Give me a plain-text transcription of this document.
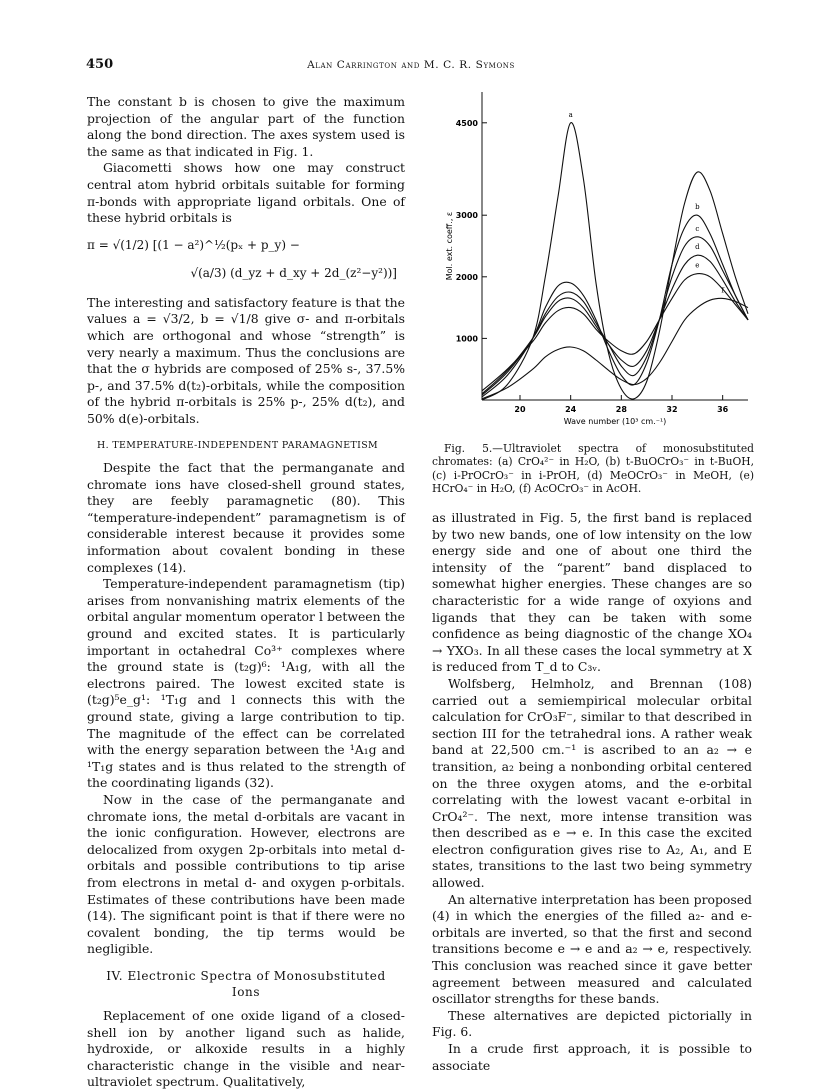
450	Alan Carrington and M. C. R. Symons

The constant b is chosen to give the maximum projection of the angular part of the function along the bond direction. The axes system used is the same as that indicated in Fig. 1.

Giacometti shows how one may construct central atom hybrid orbitals suitable for forming π-bonds with appropriate ligand orbitals. One of these hybrid orbitals is

π = √(1/2) [(1 − a²)^½(pₓ + p_y) −
√(a/3) (d_yz + d_xy + 2d_(z²−y²))]

The interesting and satisfactory feature is that the values a = √3/2, b = √1/8 give σ- and π-orbitals which are orthogonal and whose “strength” is very nearly a maximum. Thus the conclusions are that the σ hybrids are composed of 25% s-, 37.5% p-, and 37.5% d(t₂)-orbitals, while the composition of the hybrid π-orbitals is 25% p-, 25% d(t₂), and 50% d(e)-orbitals.

H. TEMPERATURE-INDEPENDENT PARAMAGNETISM

Despite the fact that the permanganate and chromate ions have closed-shell ground states, they are feebly paramagnetic (80). This “temperature-independent” paramagnetism is of considerable interest because it provides some information about covalent bonding in these complexes (14).

Temperature-independent paramagnetism (tip) arises from nonvanishing matrix elements of the orbital angular momentum operator l between the ground and excited states. It is particularly important in octahedral Co³⁺ complexes where the ground state is (t₂g)⁶: ¹A₁g, with all the electrons paired. The lowest excited state is (t₂g)⁵e_g¹: ¹T₁g and l connects this with the ground state, giving a large contribution to tip. The magnitude of the effect can be correlated with the energy separation between the ¹A₁g and ¹T₁g states and is thus related to the strength of the coordinating ligands (32).

Now in the case of the permanganate and chromate ions, the metal d-orbitals are vacant in the ionic configuration. However, electrons are delocalized from oxygen 2p-orbitals into metal d-orbitals and possible contributions to tip arise from electrons in metal d- and oxygen p-orbitals. Estimates of these contributions have been made (14). The significant point is that if there were no covalent bonding, the tip terms would be negligible.

IV. Electronic Spectra of Monosubstituted
Ions

Replacement of one oxide ligand of a closed-shell ion by another ligand such as halide, hydroxide, or alkoxide results in a highly characteristic change in the visible and near-ultraviolet spectrum. Qualitatively,

20	24	28	32	36
1000
2000
3000
4500
Wave number (10³ cm.⁻¹)
Mol. ext. coeff., ε
a
b
c
d
e
f

Fig. 5.—Ultraviolet spectra of monosubstituted chromates: (a) CrO₄²⁻ in H₂O, (b) t-BuOCrO₃⁻ in t-BuOH, (c) i-PrOCrO₃⁻ in i-PrOH, (d) MeOCrO₃⁻ in MeOH, (e) HCrO₄⁻ in H₂O, (f) AcOCrO₃⁻ in AcOH.

as illustrated in Fig. 5, the first band is replaced by two new bands, one of low intensity on the low energy side and one of about one third the intensity of the “parent” band displaced to somewhat higher energies. These changes are so characteristic for a wide range of oxyions and ligands that they can be taken with some confidence as being diagnostic of the change XO₄ → YXO₃. In all these cases the local symmetry at X is reduced from T_d to C₃ᵥ.

Wolfsberg, Helmholz, and Brennan (108) carried out a semiempirical molecular orbital calculation for CrO₃F⁻, similar to that described in section III for the tetrahedral ions. A rather weak band at 22,500 cm.⁻¹ is ascribed to an a₂ → e transition, a₂ being a nonbonding orbital centered on the three oxygen atoms, and the e-orbital correlating with the lowest vacant e-orbital in CrO₄²⁻. The next, more intense transition was then described as e → e. In this case the excited electron configuration gives rise to A₂, A₁, and E states, transitions to the last two being symmetry allowed.

An alternative interpretation has been proposed (4) in which the energies of the filled a₂- and e-orbitals are inverted, so that the first and second transitions become e → e and a₂ → e, respectively. This conclusion was reached since it gave better agreement between measured and calculated oscillator strengths for these bands.

These alternatives are depicted pictorially in Fig. 6.

In a crude first approach, it is possible to associate
